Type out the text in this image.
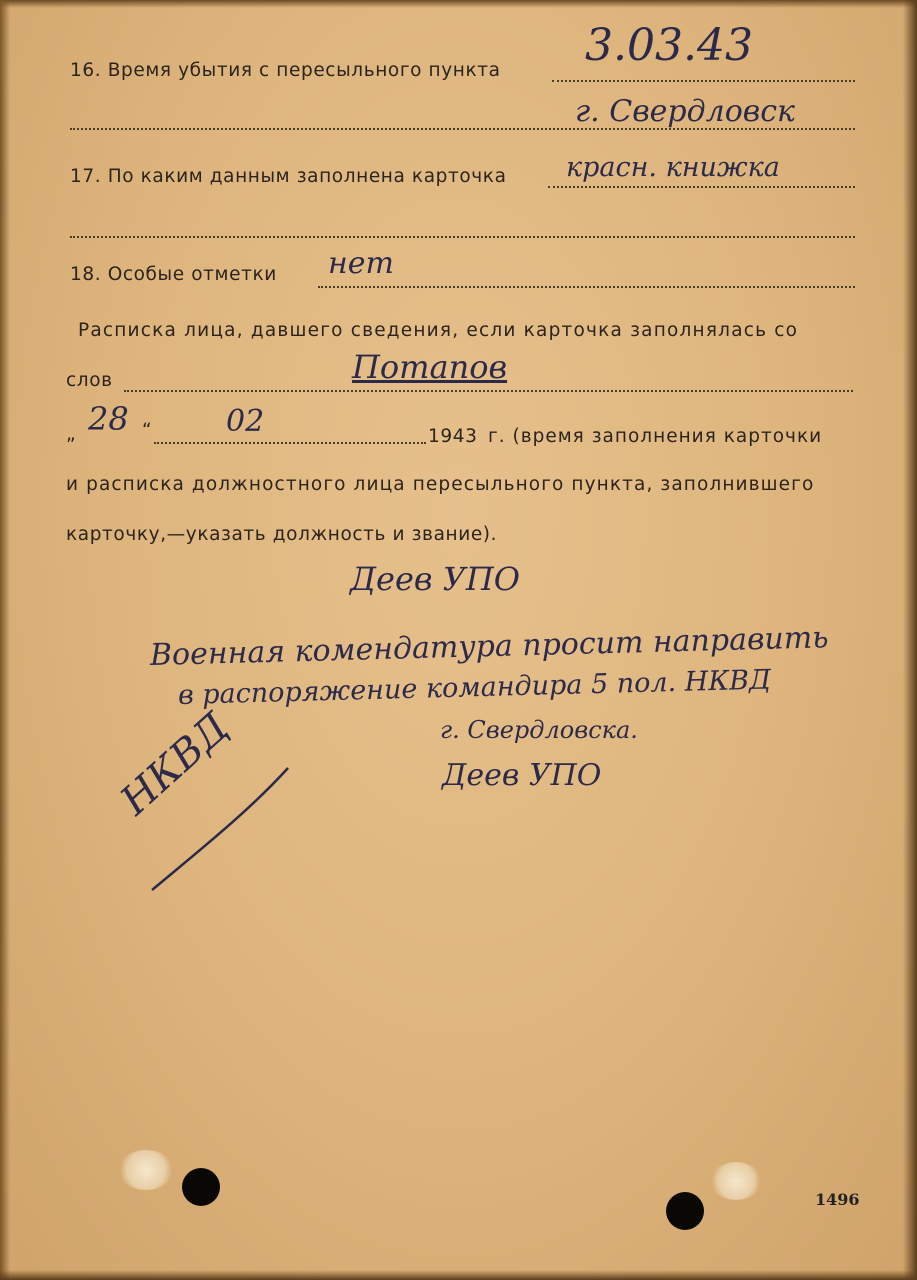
16. Время убытия с пересыльного пункта 3.03.43
г. Свердловск
17. По каким данным заполнена карточка красн. книжка
18. Особые отметки нет
Расписка лица, давшего сведения, если карточка заполнялась со
слов	Потапов
„ 28 “ 02	1943 г. (время заполнения карточки
и расписка должностного лица пересыльного пункта, заполнившего
карточку,—указать должность и звание).
Деев УПО
Военная комендатура просит направить
в распоряжение командира 5 пол. НКВД
г. Свердловска.
Деев УПО
НКВД
1496
